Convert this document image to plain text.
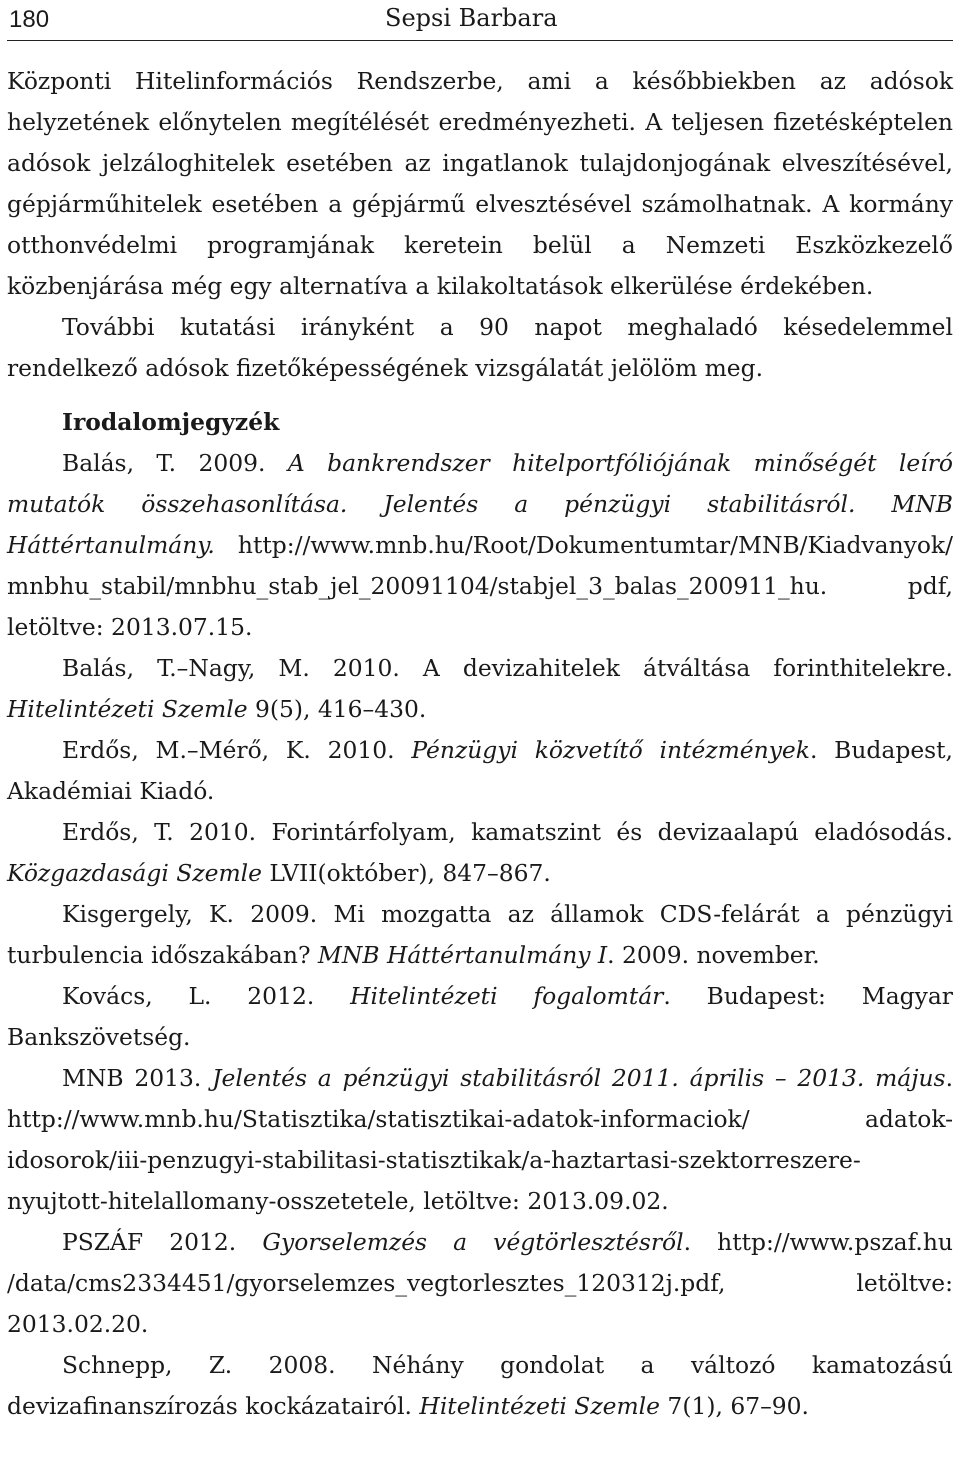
180	Sepsi Barbara

Központi Hitelinformációs Rendszerbe, ami a későbbiekben az adósok helyzetének előnytelen megítélését eredményezheti. A teljesen fizetésképtelen adósok jelzáloghitelek esetében az ingatlanok tulajdonjogának elveszítésével, gépjárműhitelek esetében a gépjármű elvesztésével számolhatnak. A kormány otthonvédelmi programjának keretein belül a Nemzeti Eszközkezelő közbenjárása még egy alternatíva a kilakoltatások elkerülése érdekében.

További kutatási irányként a 90 napot meghaladó késedelemmel rendelkező adósok fizetőképességének vizsgálatát jelölöm meg.

Irodalomjegyzék

Balás, T. 2009. A bankrendszer hitelportfóliójának minőségét leíró mutatók összehasonlítása. Jelentés a pénzügyi stabilitásról. MNB Háttértanulmány. http://www.mnb.hu/Root/Dokumentumtar/MNB/Kiadvanyok/ mnbhu_stabil/mnbhu_stab_jel_20091104/stabjel_3_balas_200911_hu. pdf, letöltve: 2013.07.15.

Balás, T.–Nagy, M. 2010. A devizahitelek átváltása forinthitelekre. Hitelintézeti Szemle 9(5), 416–430.

Erdős, M.–Mérő, K. 2010. Pénzügyi közvetítő intézmények. Budapest, Akadémiai Kiadó.

Erdős, T. 2010. Forintárfolyam, kamatszint és devizaalapú eladósodás. Közgazdasági Szemle LVII(október), 847–867.

Kisgergely, K. 2009. Mi mozgatta az államok CDS-felárát a pénzügyi turbulencia időszakában? MNB Háttértanulmány I. 2009. november.

Kovács, L. 2012. Hitelintézeti fogalomtár. Budapest: Magyar Bankszövetség.

MNB 2013. Jelentés a pénzügyi stabilitásról 2011. április – 2013. május. http://www.mnb.hu/Statisztika/statisztikai-adatok-informaciok/ adatok-idosorok/iii-penzugyi-stabilitasi-statisztikak/a-haztartasi-szektorreszere-nyujtott-hitelallomany-osszetetele, letöltve: 2013.09.02.

PSZÁF 2012. Gyorselemzés a végtörlesztésről. http://www.pszaf.hu /data/cms2334451/gyorselemzes_vegtorlesztes_120312j.pdf, letöltve: 2013.02.20.

Schnepp, Z. 2008. Néhány gondolat a változó kamatozású devizafinanszírozás kockázatairól. Hitelintézeti Szemle 7(1), 67–90.
